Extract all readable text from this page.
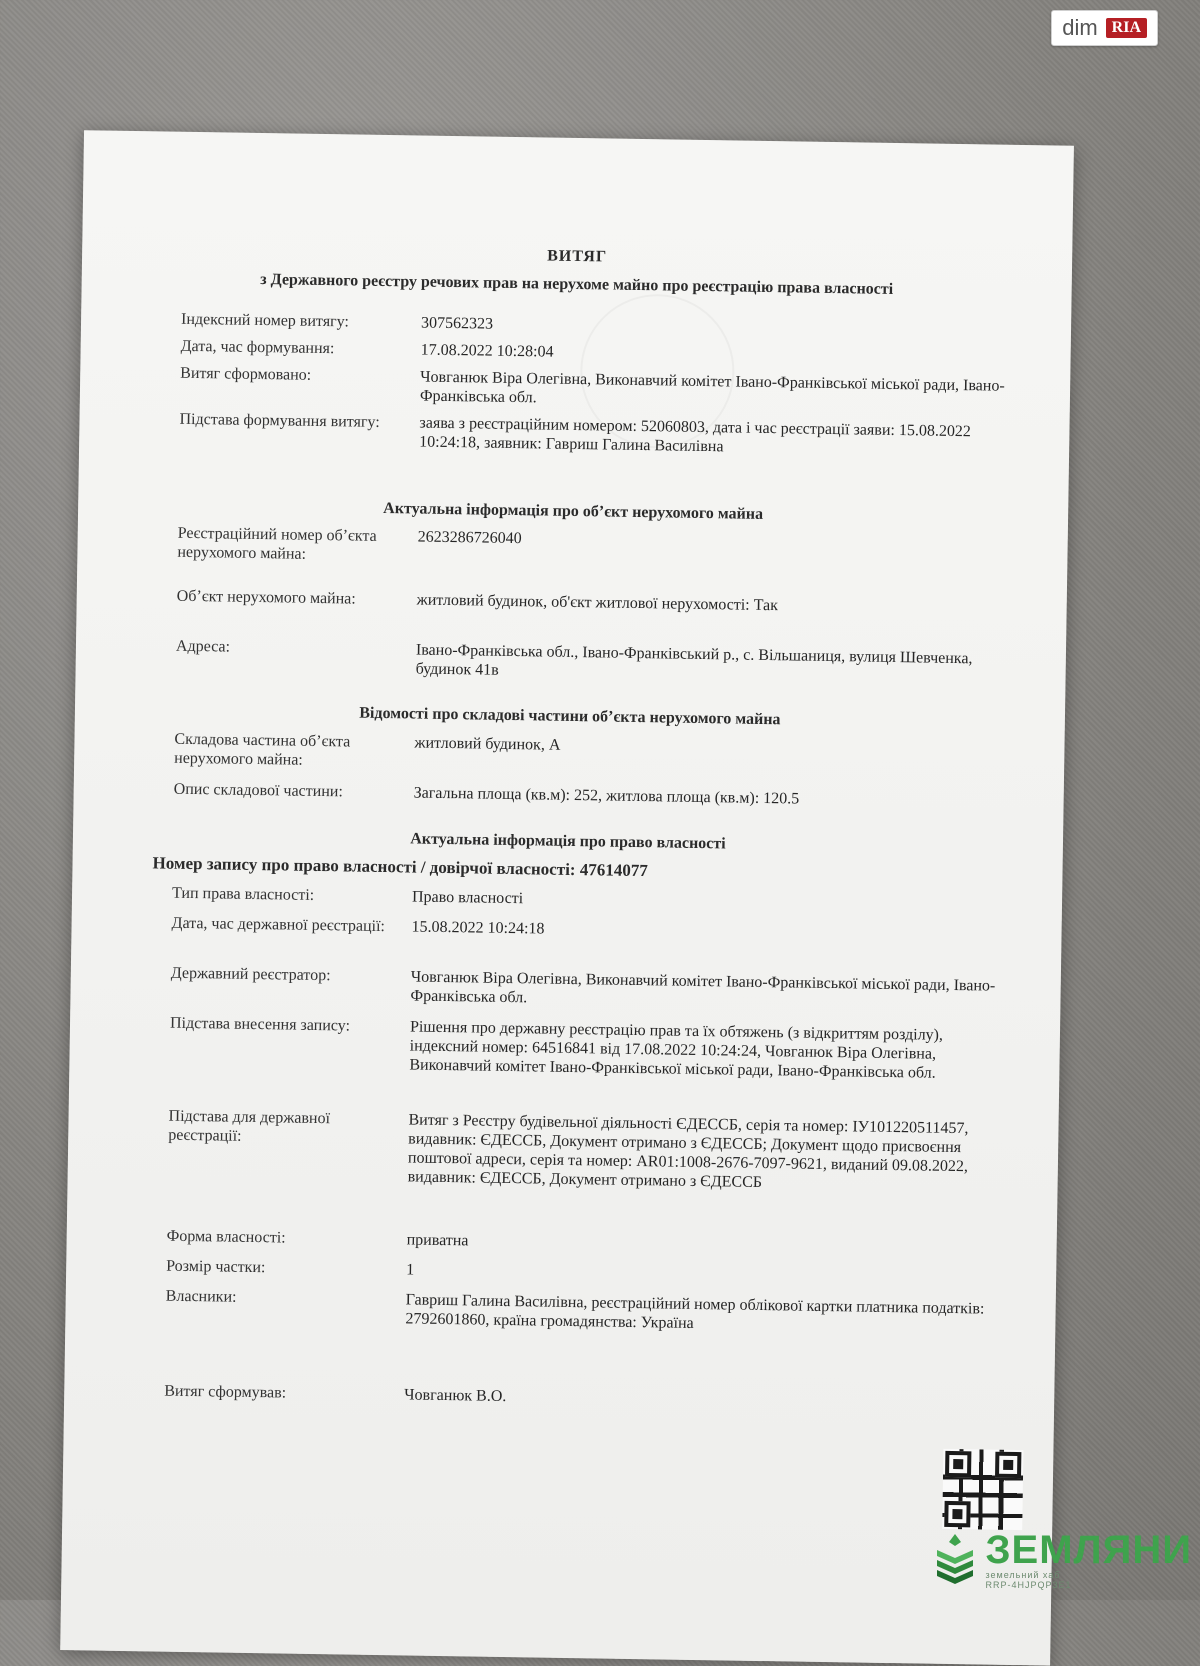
dim RIA
ВИТЯГ
з Державного реєстру речових прав на нерухоме майно про реєстрацію права власності
Індексний номер витягу:	307562323
Дата, час формування:	17.08.2022 10:28:04
Витяг сформовано:	Човганюк Віра Олегівна, Виконавчий комітет Івано-Франківської міської ради, Івано-Франківська обл.
Підстава формування витягу:	заява з реєстраційним номером: 52060803, дата і час реєстрації заяви: 15.08.2022 10:24:18, заявник: Гавриш Галина Василівна
Актуальна інформація про об’єкт нерухомого майна
Реєстраційний номер об’єкта нерухомого майна:
2623286726040
Об’єкт нерухомого майна:	житловий будинок, об'єкт житлової нерухомості: Так
Адреса:	Івано-Франківська обл., Івано-Франківський р., с. Вільшаниця, вулиця Шевченка, будинок 41в
Відомості про складові частини об’єкта нерухомого майна
Складова частина об’єкта нерухомого майна:
житловий будинок, А
Опис складової частини:	Загальна площа (кв.м): 252, житлова площа (кв.м): 120.5
Актуальна інформація про право власності
Номер запису про право власності / довірчої власності: 47614077
Тип права власності:	Право власності
Дата, час державної реєстрації:	15.08.2022 10:24:18
Державний реєстратор:	Човганюк Віра Олегівна, Виконавчий комітет Івано-Франківської міської ради, Івано-Франківська обл.
Підстава внесення запису:	Рішення про державну реєстрацію прав та їх обтяжень (з відкриттям розділу), індексний номер: 64516841 від 17.08.2022 10:24:24, Човганюк Віра Олегівна, Виконавчий комітет Івано-Франківської міської ради, Івано-Франківська обл.
Підстава для державної реєстрації:	Витяг з Реєстру будівельної діяльності ЄДЕССБ, серія та номер: ІУ101220511457, видавник: ЄДЕССБ, Документ отримано з ЄДЕССБ; Документ щодо присвоєння поштової адреси, серія та номер: AR01:1008-2676-7097-9621, виданий 09.08.2022, видавник: ЄДЕССБ, Документ отримано з ЄДЕССБ
Форма власності:	приватна
Розмір частки:	1
Власники:	Гавриш Галина Василівна, реєстраційний номер облікової картки платника податків: 2792601860, країна громадянства: Україна
Витяг сформував:	Човганюк В.О.
ЗЕМЛЯНИ
земельний хаб
RRP-4HJPQP3E1
